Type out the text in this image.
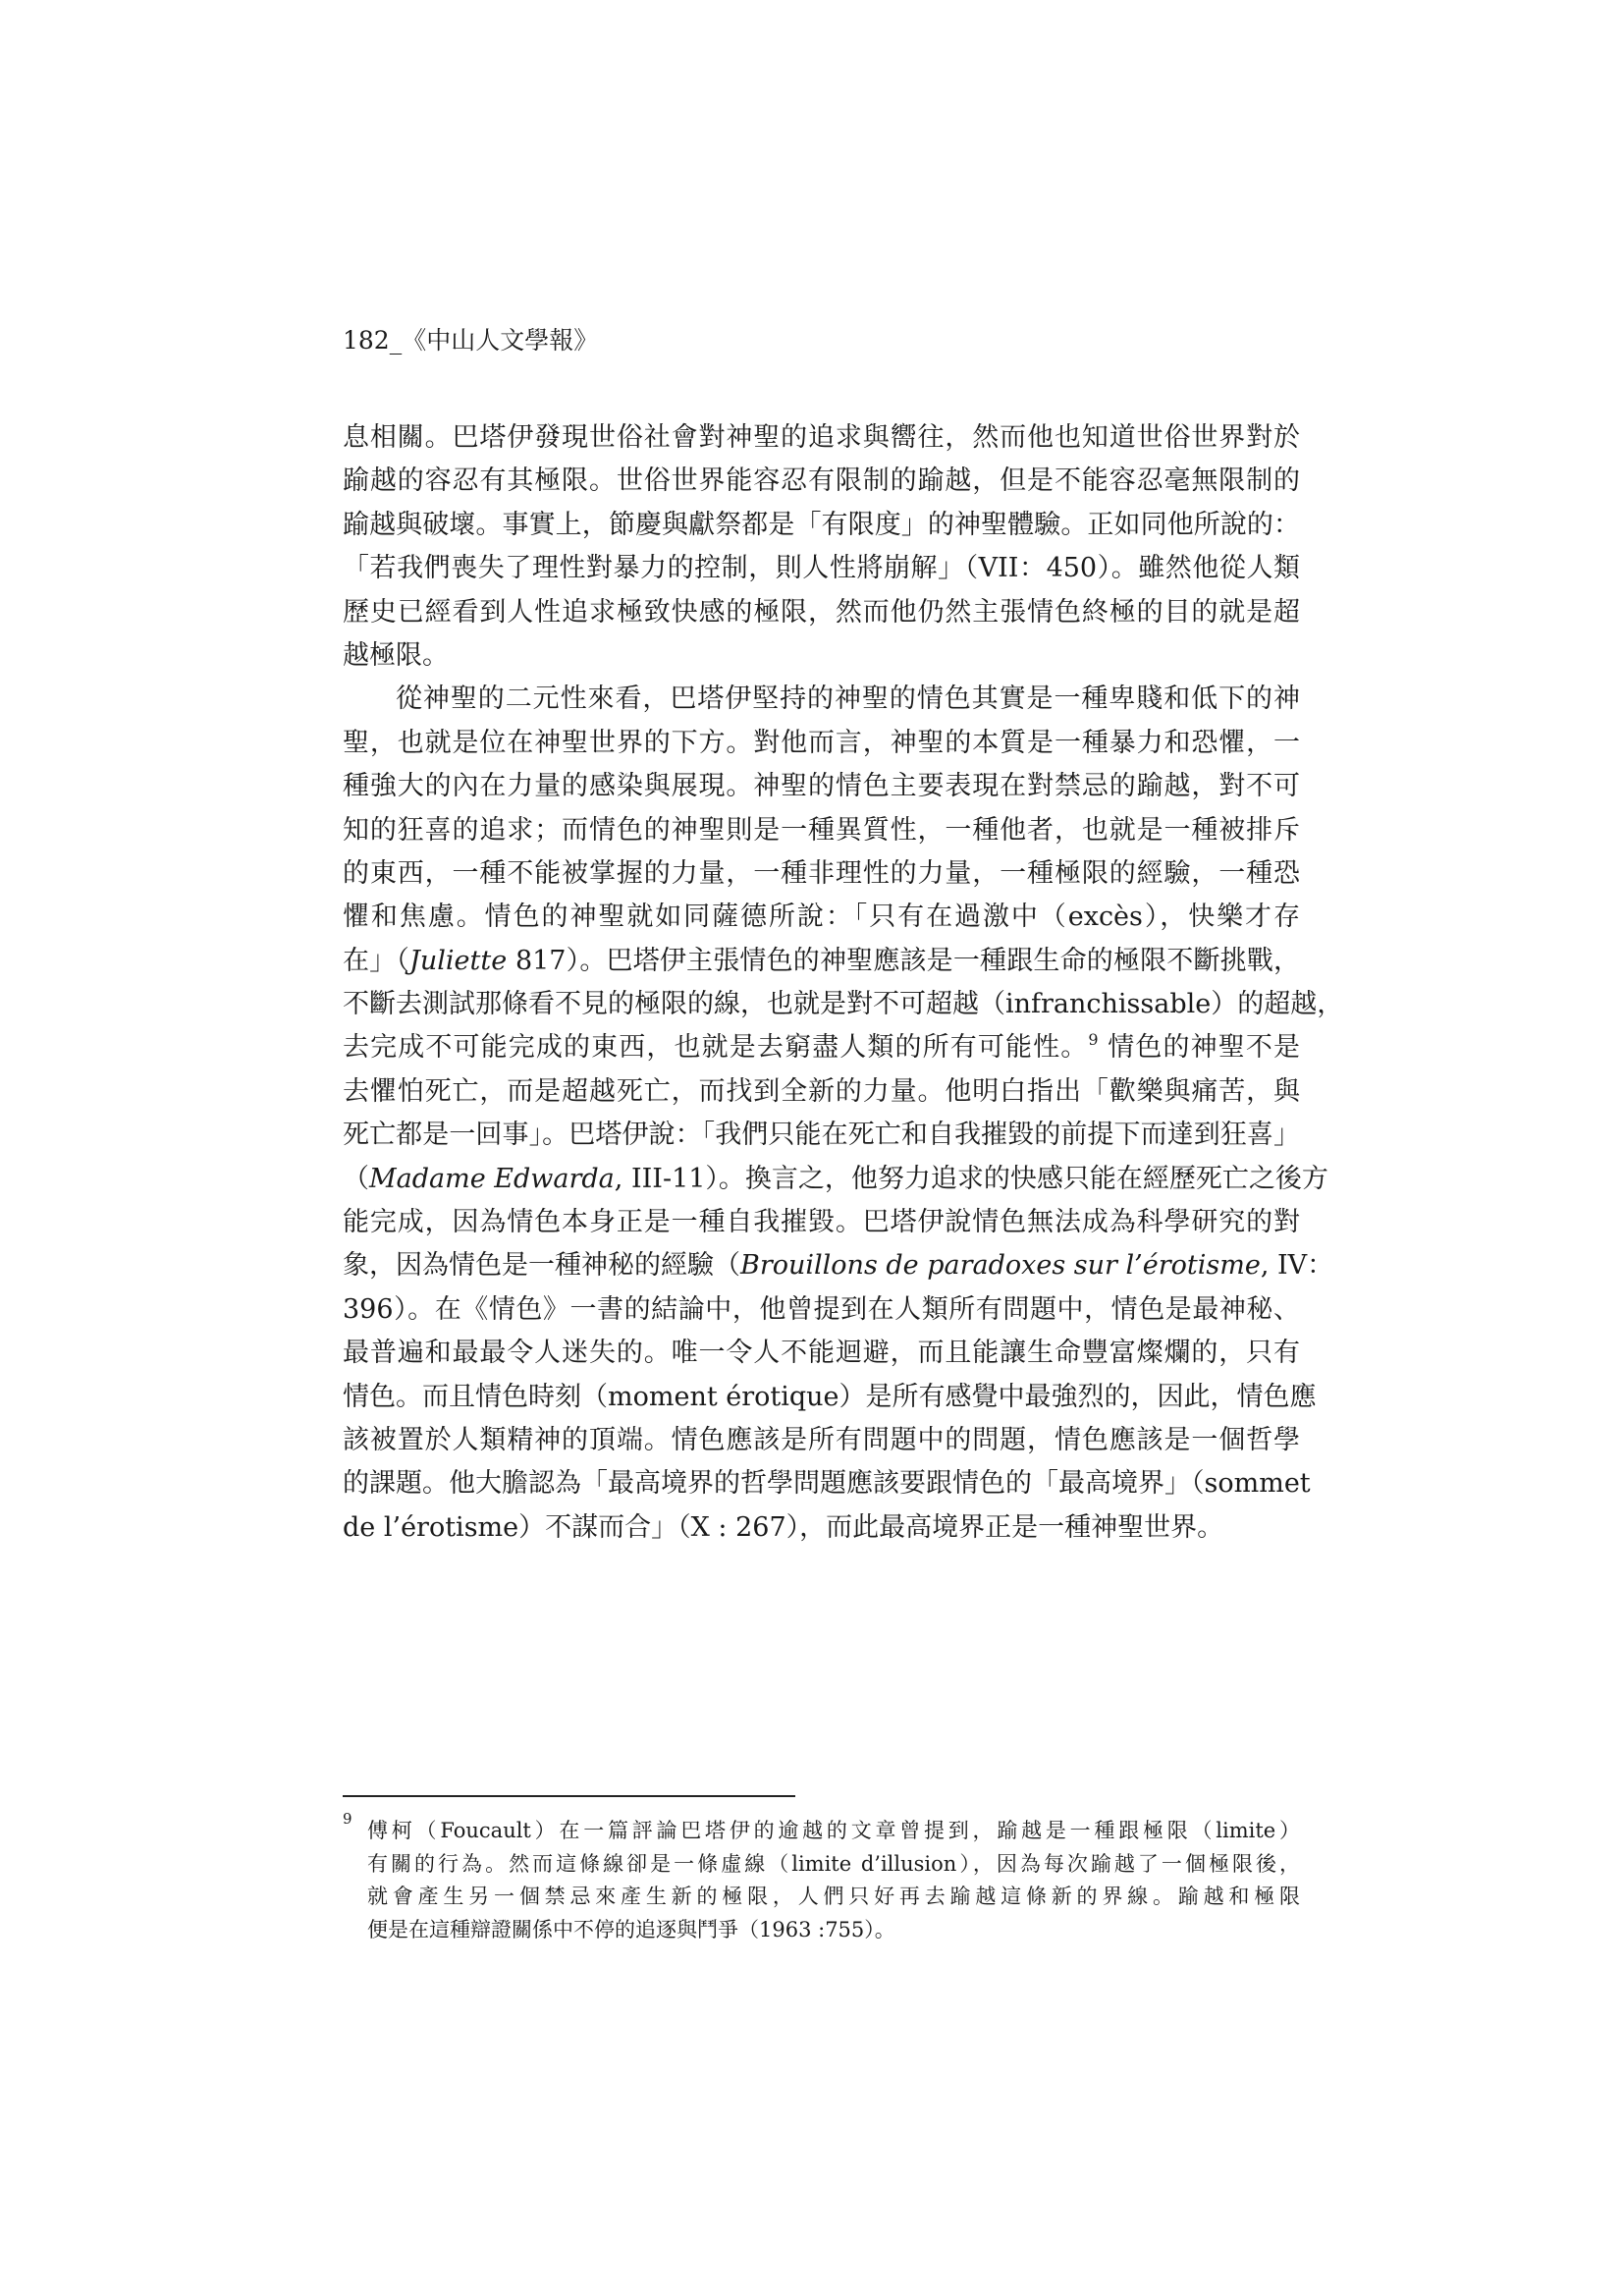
182_《中山人文學報》
息相關。巴塔伊發現世俗社會對神聖的追求與嚮往，然而他也知道世俗世界對於
踰越的容忍有其極限。世俗世界能容忍有限制的踰越，但是不能容忍毫無限制的
踰越與破壞。事實上，節慶與獻祭都是「有限度」的神聖體驗。正如同他所說的：
「若我們喪失了理性對暴力的控制，則人性將崩解」（VII：450）。雖然他從人類
歷史已經看到人性追求極致快感的極限，然而他仍然主張情色終極的目的就是超
越極限。
從神聖的二元性來看，巴塔伊堅持的神聖的情色其實是一種卑賤和低下的神
聖，也就是位在神聖世界的下方。對他而言，神聖的本質是一種暴力和恐懼，一
種強大的內在力量的感染與展現。神聖的情色主要表現在對禁忌的踰越，對不可
知的狂喜的追求；而情色的神聖則是一種異質性，一種他者，也就是一種被排斥
的東西，一種不能被掌握的力量，一種非理性的力量，一種極限的經驗，一種恐
懼和焦慮。情色的神聖就如同薩德所說：「只有在過激中（excès），快樂才存
在」（Juliette 817）。巴塔伊主張情色的神聖應該是一種跟生命的極限不斷挑戰，
不斷去測試那條看不見的極限的線，也就是對不可超越（infranchissable）的超越，
去完成不可能完成的東西，也就是去窮盡人類的所有可能性。$^9$ 情色的神聖不是
去懼怕死亡，而是超越死亡，而找到全新的力量。他明白指出「歡樂與痛苦，與
死亡都是一回事」。巴塔伊說：「我們只能在死亡和自我摧毀的前提下而達到狂喜」
（Madame Edwarda, III-11）。換言之，他努力追求的快感只能在經歷死亡之後方
能完成，因為情色本身正是一種自我摧毀。巴塔伊說情色無法成為科學研究的對
象，因為情色是一種神秘的經驗（Brouillons de paradoxes sur l’érotisme, IV：
396）。在《情色》一書的結論中，他曾提到在人類所有問題中，情色是最神秘、
最普遍和最最令人迷失的。唯一令人不能迴避，而且能讓生命豐富燦爛的，只有
情色。而且情色時刻（moment érotique）是所有感覺中最強烈的，因此，情色應
該被置於人類精神的頂端。情色應該是所有問題中的問題，情色應該是一個哲學
的課題。他大膽認為「最高境界的哲學問題應該要跟情色的「最高境界」（sommet
de l’érotisme）不謀而合」（X : 267），而此最高境界正是一種神聖世界。
9 傅柯（Foucault）在一篇評論巴塔伊的逾越的文章曾提到，踰越是一種跟極限（limite）
有關的行為。然而這條線卻是一條虛線（limite d’illusion），因為每次踰越了一個極限後，
就會產生另一個禁忌來產生新的極限，人們只好再去踰越這條新的界線。踰越和極限
便是在這種辯證關係中不停的追逐與鬥爭（1963 :755）。
